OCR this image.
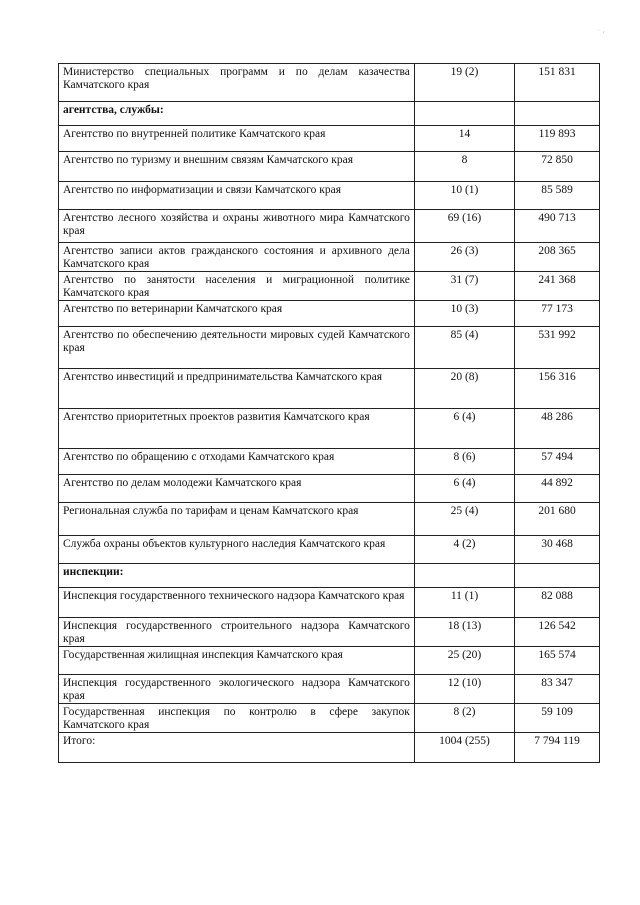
·  ,
Министерство специальных программ и по делам казачества Камчатского края	19 (2)	151 831
агентства, службы:		
Агентство по внутренней политике Камчатского края	14	119 893
Агентство по туризму и внешним связям Камчатского края	8	72 850
Агентство по информатизации и связи Камчатского края	10 (1)	85 589
Агентство лесного хозяйства и охраны животного мира Камчатского края	69 (16)	490 713
Агентство записи актов гражданского состояния и архивного дела Камчатского края	26 (3)	208 365
Агентство по занятости населения и миграционной политике Камчатского края	31 (7)	241 368
Агентство по ветеринарии Камчатского края	10 (3)	77 173
Агентство по обеспечению деятельности мировых судей Камчатского края	85 (4)	531 992
Агентство инвестиций и предпринимательства Камчатского края	20 (8)	156 316
Агентство приоритетных проектов развития Камчатского края	6 (4)	48 286
Агентство по обращению с отходами Камчатского края	8 (6)	57 494
Агентство по делам молодежи Камчатского края	6 (4)	44 892
Региональная служба по тарифам и ценам Камчатского края	25 (4)	201 680
Служба охраны объектов культурного наследия Камчатского края	4 (2)	30 468
инспекции:		
Инспекция государственного технического надзора Камчатского края	11 (1)	82 088
Инспекция государственного строительного надзора Камчатского края	18 (13)	126 542
Государственная жилищная инспекция Камчатского края	25 (20)	165 574
Инспекция государственного экологического надзора Камчатского края	12 (10)	83 347
Государственная инспекция по контролю в сфере закупок Камчатского края	8 (2)	59 109
Итого:	1004 (255)	7 794 119
